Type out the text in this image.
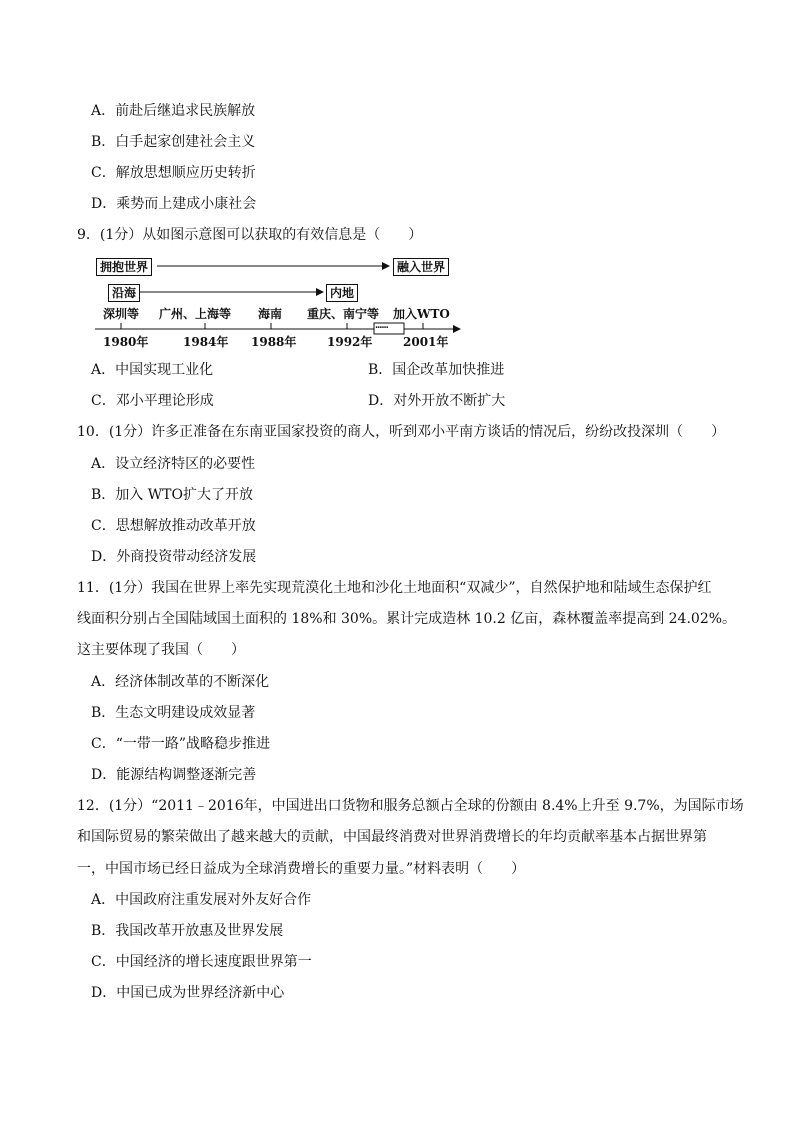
A．前赴后继追求民族解放
B．白手起家创建社会主义
C．解放思想顺应历史转折
D．乘势而上建成小康社会
9．(1分）从如图示意图可以获取的有效信息是（　　）
拥抱世界	融入世界
沿海	内地
深圳等 广州、上海等 海南 重庆、南宁等 加入WTO
......
1980年	1984年 1988年	1992年	2001年
A．中国实现工业化	B．国企改革加快推进
C．邓小平理论形成	D．对外开放不断扩大
10．(1分）许多正准备在东南亚国家投资的商人，听到邓小平南方谈话的情况后，纷纷改投深圳（　　）
A．设立经济特区的必要性
B．加入 WTO扩大了开放
C．思想解放推动改革开放
D．外商投资带动经济发展
11．(1分）我国在世界上率先实现荒漠化土地和沙化土地面积“双减少”，自然保护地和陆域生态保护红
线面积分别占全国陆域国土面积的 18%和 30%。累计完成造林 10.2 亿亩，森林覆盖率提高到 24.02%。
这主要体现了我国（　　）
A．经济体制改革的不断深化
B．生态文明建设成效显著
C．“一带一路”战略稳步推进
D．能源结构调整逐渐完善
12．(1分）“2011﹣2016年，中国进出口货物和服务总额占全球的份额由 8.4%上升至 9.7%，为国际市场
和国际贸易的繁荣做出了越来越大的贡献，中国最终消费对世界消费增长的年均贡献率基本占据世界第
一，中国市场已经日益成为全球消费增长的重要力量。”材料表明（　　）
A．中国政府注重发展对外友好合作
B．我国改革开放惠及世界发展
C．中国经济的增长速度跟世界第一
D．中国已成为世界经济新中心
